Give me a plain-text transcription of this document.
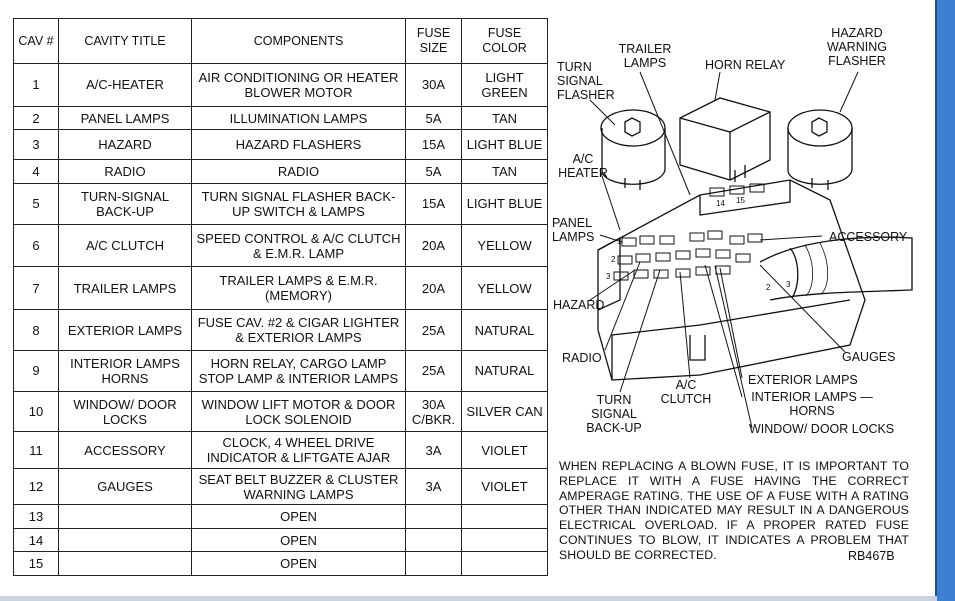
CAV #	CAVITY TITLE	COMPONENTS	FUSE SIZE	FUSE COLOR
1	A/C-HEATER	AIR CONDITIONING OR HEATER BLOWER MOTOR	30A	LIGHT GREEN
2	PANEL LAMPS	ILLUMINATION LAMPS	5A	TAN
3	HAZARD	HAZARD FLASHERS	15A	LIGHT BLUE
4	RADIO	RADIO	5A	TAN
5	TURN-SIGNAL BACK-UP	TURN SIGNAL FLASHER BACK-UP SWITCH & LAMPS	15A	LIGHT BLUE
6	A/C CLUTCH	SPEED CONTROL & A/C CLUTCH & E.M.R. LAMP	20A	YELLOW
7	TRAILER LAMPS	TRAILER LAMPS & E.M.R. (MEMORY)	20A	YELLOW
8	EXTERIOR LAMPS	FUSE CAV. #2 & CIGAR LIGHTER & EXTERIOR LAMPS	25A	NATURAL
9	INTERIOR LAMPS HORNS	HORN RELAY, CARGO LAMP STOP LAMP & INTERIOR LAMPS	25A	NATURAL
10	WINDOW/ DOOR LOCKS	WINDOW LIFT MOTOR & DOOR LOCK SOLENOID	30A C/BKR.	SILVER CAN
11	ACCESSORY	CLOCK, 4 WHEEL DRIVE INDICATOR & LIFTGATE AJAR	3A	VIOLET
12	GAUGES	SEAT BELT BUZZER & CLUSTER WARNING LAMPS	3A	VIOLET
13		OPEN		
14		OPEN		
15		OPEN		
1
2
3
14 15
2 3
TURN SIGNAL FLASHER
TRAILER LAMPS	HORN RELAY
HAZARD WARNING FLASHER
A/C HEATER
PANEL LAMPS	ACCESSORY
HAZARD
GAUGES
RADIO
EXTERIOR LAMPS
A/C CLUTCH	INTERIOR LAMPS — HORNS
TURN SIGNAL BACK-UP	WINDOW/ DOOR LOCKS
WHEN REPLACING A BLOWN FUSE, IT IS IMPORTANT TO REPLACE IT WITH A FUSE HAVING THE CORRECT AMPERAGE RATING. THE USE OF A FUSE WITH A RATING OTHER THAN INDICATED MAY RESULT IN A DANGEROUS ELECTRICAL OVERLOAD. IF A PROPER RATED FUSE CONTINUES TO BLOW, IT INDICATES A PROBLEM THAT SHOULD BE CORRECTED.	RB467B
